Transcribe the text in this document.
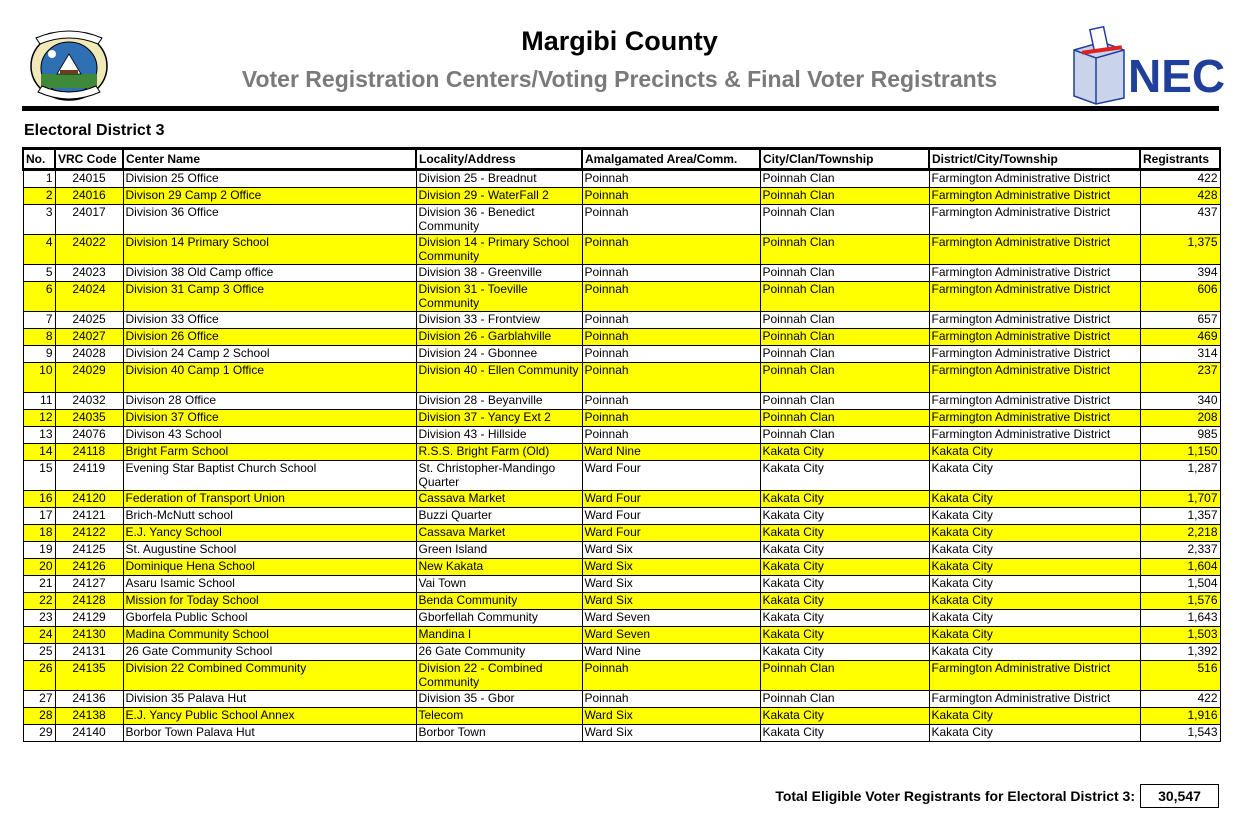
Margibi County
Voter Registration Centers/Voting Precincts & Final Voter Registrants	NEC
Electoral District 3
No.	VRC Code	Center Name	Locality/Address	Amalgamated Area/Comm.	City/Clan/Township	District/City/Township	Registrants

1	24015	Division 25 Office	Division 25 - Breadnut	Poinnah	Poinnah Clan	Farmington Administrative District	422
2	24016	Divison 29 Camp 2 Office	Division 29 - WaterFall 2	Poinnah	Poinnah Clan	Farmington Administrative District	428
3	24017	Division 36 Office	Division 36 - Benedict Community	Poinnah	Poinnah Clan	Farmington Administrative District	437
4	24022	Division 14 Primary School	Division 14 - Primary School Community	Poinnah	Poinnah Clan	Farmington Administrative District	1,375
5	24023	Division 38 Old Camp office	Division 38 - Greenville	Poinnah	Poinnah Clan	Farmington Administrative District	394
6	24024	Division 31 Camp 3 Office	Division 31 - Toeville Community	Poinnah	Poinnah Clan	Farmington Administrative District	606
7	24025	Division 33 Office	Division 33 - Frontview	Poinnah	Poinnah Clan	Farmington Administrative District	657
8	24027	Division 26 Office	Division 26 - Garblahville	Poinnah	Poinnah Clan	Farmington Administrative District	469
9	24028	Division 24 Camp 2 School	Division 24 - Gbonnee	Poinnah	Poinnah Clan	Farmington Administrative District	314
10	24029	Division 40 Camp 1 Office	Division 40 - Ellen Community	Poinnah	Poinnah Clan	Farmington Administrative District	237
11	24032	Divison 28 Office	Division 28 - Beyanville	Poinnah	Poinnah Clan	Farmington Administrative District	340
12	24035	Division 37 Office	Division 37 - Yancy Ext 2	Poinnah	Poinnah Clan	Farmington Administrative District	208
13	24076	Divison 43 School	Division 43 - Hillside	Poinnah	Poinnah Clan	Farmington Administrative District	985
14	24118	Bright Farm School	R.S.S. Bright Farm (Old)	Ward Nine	Kakata City	Kakata City	1,150
15	24119	Evening Star Baptist Church School	St. Christopher-Mandingo Quarter	Ward Four	Kakata City	Kakata City	1,287
16	24120	Federation of Transport Union	Cassava Market	Ward Four	Kakata City	Kakata City	1,707
17	24121	Brich-McNutt school	Buzzi Quarter	Ward Four	Kakata City	Kakata City	1,357
18	24122	E.J. Yancy School	Cassava Market	Ward Four	Kakata City	Kakata City	2,218
19	24125	St. Augustine School	Green Island	Ward Six	Kakata City	Kakata City	2,337
20	24126	Dominique Hena School	New Kakata	Ward Six	Kakata City	Kakata City	1,604
21	24127	Asaru Isamic School	Vai Town	Ward Six	Kakata City	Kakata City	1,504
22	24128	Mission for Today School	Benda Community	Ward Six	Kakata City	Kakata City	1,576
23	24129	Gborfela Public School	Gborfellah Community	Ward Seven	Kakata City	Kakata City	1,643
24	24130	Madina Community School	Mandina I	Ward Seven	Kakata City	Kakata City	1,503
25	24131	26 Gate Community School	26 Gate Community	Ward Nine	Kakata City	Kakata City	1,392
26	24135	Division 22 Combined Community	Division 22 - Combined Community	Poinnah	Poinnah Clan	Farmington Administrative District	516
27	24136	Division 35 Palava Hut	Division 35 - Gbor	Poinnah	Poinnah Clan	Farmington Administrative District	422
28	24138	E.J. Yancy Public School Annex	Telecom	Ward Six	Kakata City	Kakata City	1,916
29	24140	Borbor Town Palava Hut	Borbor Town	Ward Six	Kakata City	Kakata City	1,543
Total Eligible Voter Registrants for Electoral District 3:	30,547
